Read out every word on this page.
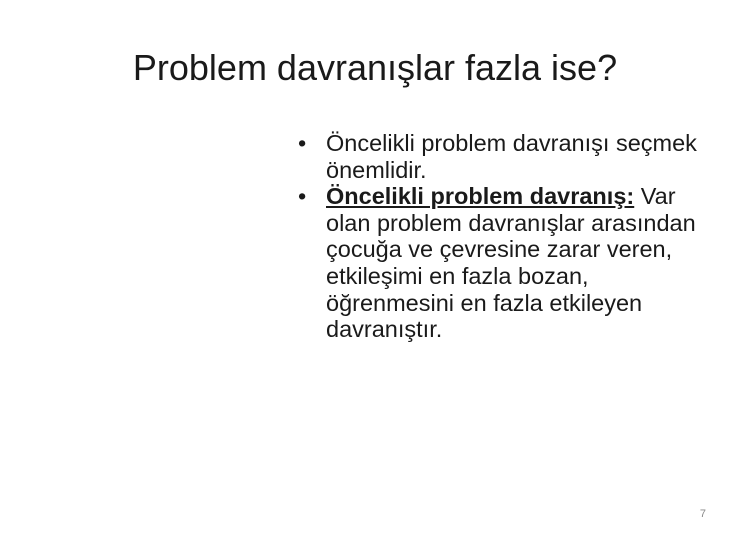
Problem davranışlar fazla ise?
• Öncelikli problem davranışı seçmek önemlidir.
• Öncelikli problem davranış: Var olan problem davranışlar arasından çocuğa ve çevresine zarar veren, etkileşimi en fazla bozan, öğrenmesini en fazla etkileyen davranıştır.
7
